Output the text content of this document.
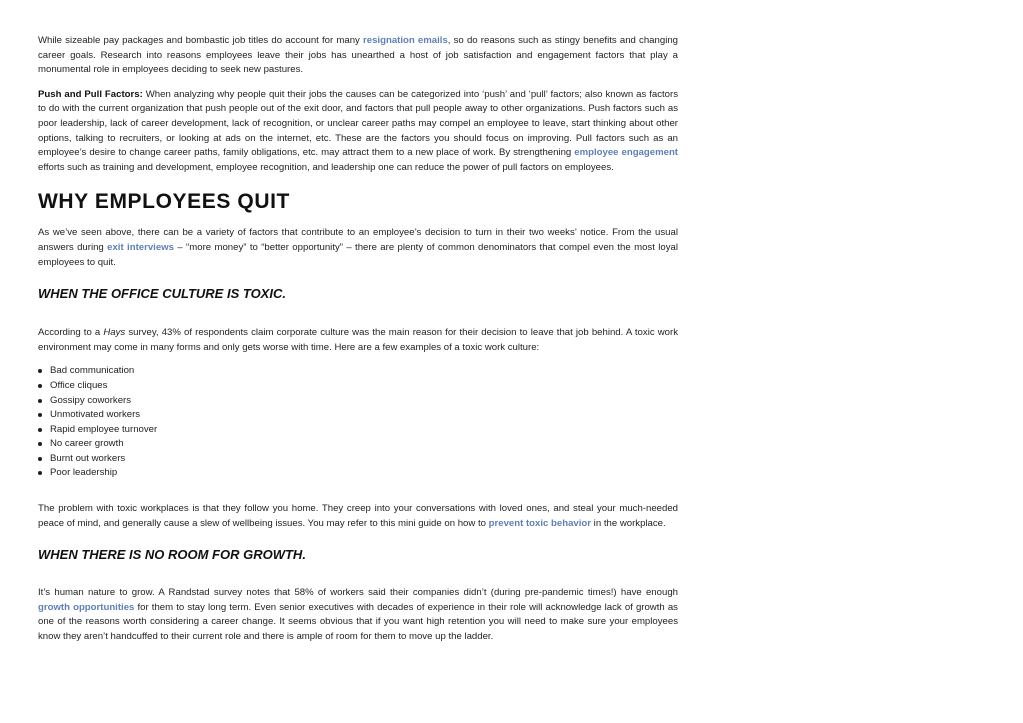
While sizeable pay packages and bombastic job titles do account for many resignation emails, so do reasons such as stingy benefits and changing career goals. Research into reasons employees leave their jobs has unearthed a host of job satisfaction and engagement factors that play a monumental role in employees deciding to seek new pastures.

Push and Pull Factors: When analyzing why people quit their jobs the causes can be categorized into ‘push’ and ‘pull’ factors; also known as factors to do with the current organization that push people out of the exit door, and factors that pull people away to other organizations. Push factors such as poor leadership, lack of career development, lack of recognition, or unclear career paths may compel an employee to leave, start thinking about other options, talking to recruiters, or looking at ads on the internet, etc. These are the factors you should focus on improving. Pull factors such as an employee’s desire to change career paths, family obligations, etc. may attract them to a new place of work. By strengthening employee engagement efforts such as training and development, employee recognition, and leadership one can reduce the power of pull factors on employees.

WHY EMPLOYEES QUIT

As we’ve seen above, there can be a variety of factors that contribute to an employee’s decision to turn in their two weeks’ notice. From the usual answers during exit interviews – “more money” to “better opportunity” – there are plenty of common denominators that compel even the most loyal employees to quit.

WHEN THE OFFICE CULTURE IS TOXIC.

According to a Hays survey, 43% of respondents claim corporate culture was the main reason for their decision to leave that job behind. A toxic work environment may come in many forms and only gets worse with time. Here are a few examples of a toxic work culture:

Bad communication
Office cliques
Gossipy coworkers
Unmotivated workers
Rapid employee turnover
No career growth
Burnt out workers
Poor leadership

The problem with toxic workplaces is that they follow you home. They creep into your conversations with loved ones, and steal your much-needed peace of mind, and generally cause a slew of wellbeing issues. You may refer to this mini guide on how to prevent toxic behavior in the workplace.

WHEN THERE IS NO ROOM FOR GROWTH.

It’s human nature to grow. A Randstad survey notes that 58% of workers said their companies didn’t (during pre-pandemic times!) have enough growth opportunities for them to stay long term. Even senior executives with decades of experience in their role will acknowledge lack of growth as one of the reasons worth considering a career change. It seems obvious that if you want high retention you will need to make sure your employees know they aren’t handcuffed to their current role and there is ample of room for them to move up the ladder.
